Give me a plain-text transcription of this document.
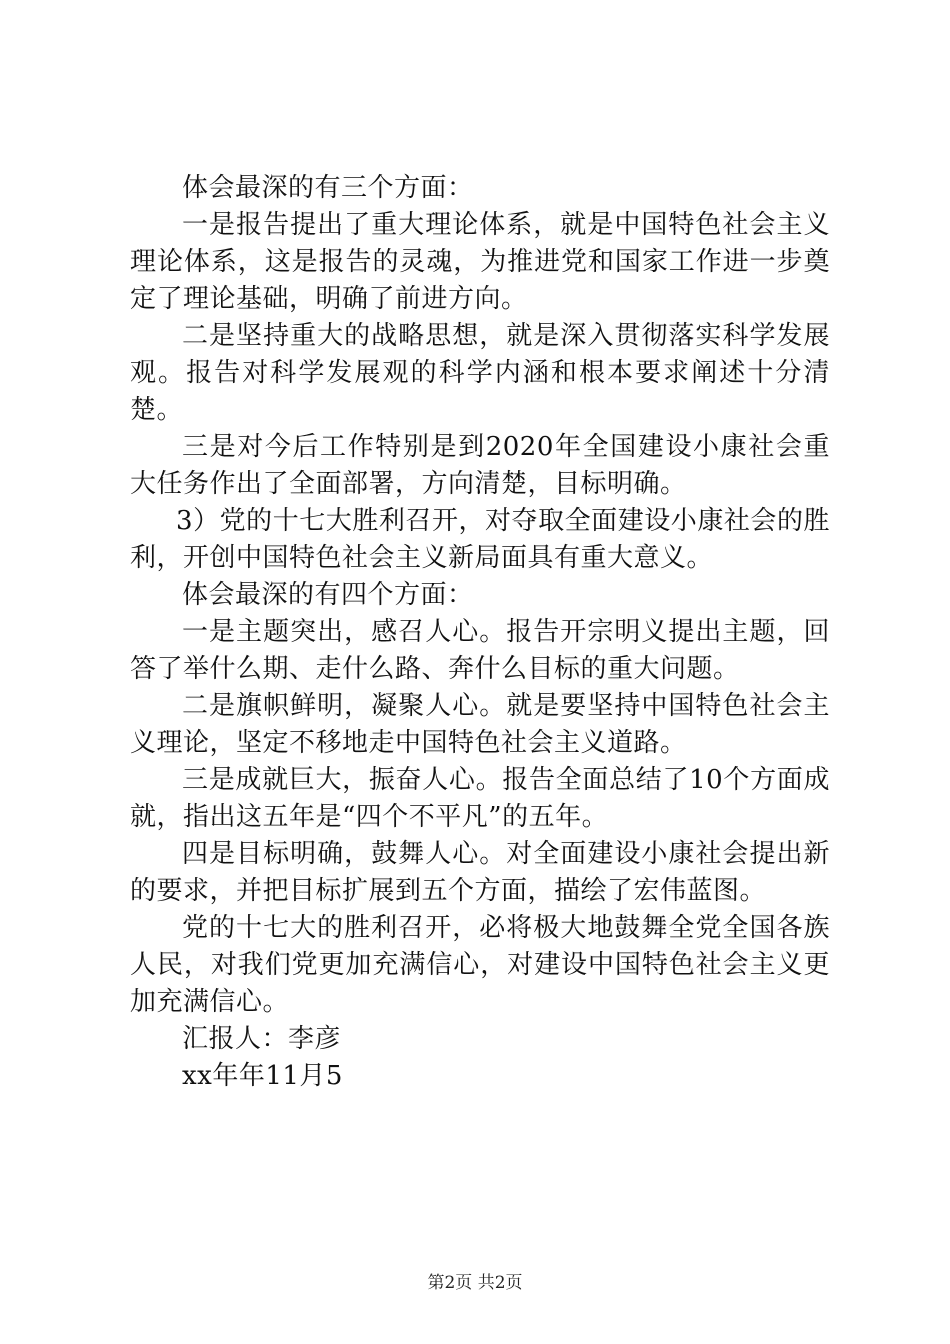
体会最深的有三个方面：

一是报告提出了重大理论体系，就是中国特色社会主义理论体系，这是报告的灵魂，为推进党和国家工作进一步奠定了理论基础，明确了前进方向。

二是坚持重大的战略思想，就是深入贯彻落实科学发展观。报告对科学发展观的科学内涵和根本要求阐述十分清楚。

三是对今后工作特别是到2020年全国建设小康社会重大任务作出了全面部署，方向清楚，目标明确。

3）党的十七大胜利召开，对夺取全面建设小康社会的胜利，开创中国特色社会主义新局面具有重大意义。

体会最深的有四个方面：

一是主题突出，感召人心。报告开宗明义提出主题，回答了举什么期、走什么路、奔什么目标的重大问题。

二是旗帜鲜明，凝聚人心。就是要坚持中国特色社会主义理论，坚定不移地走中国特色社会主义道路。

三是成就巨大，振奋人心。报告全面总结了10个方面成就，指出这五年是“四个不平凡”的五年。

四是目标明确，鼓舞人心。对全面建设小康社会提出新的要求，并把目标扩展到五个方面，描绘了宏伟蓝图。

党的十七大的胜利召开，必将极大地鼓舞全党全国各族人民，对我们党更加充满信心，对建设中国特色社会主义更加充满信心。

汇报人：李彦

xx年年11月5

第2页 共2页
